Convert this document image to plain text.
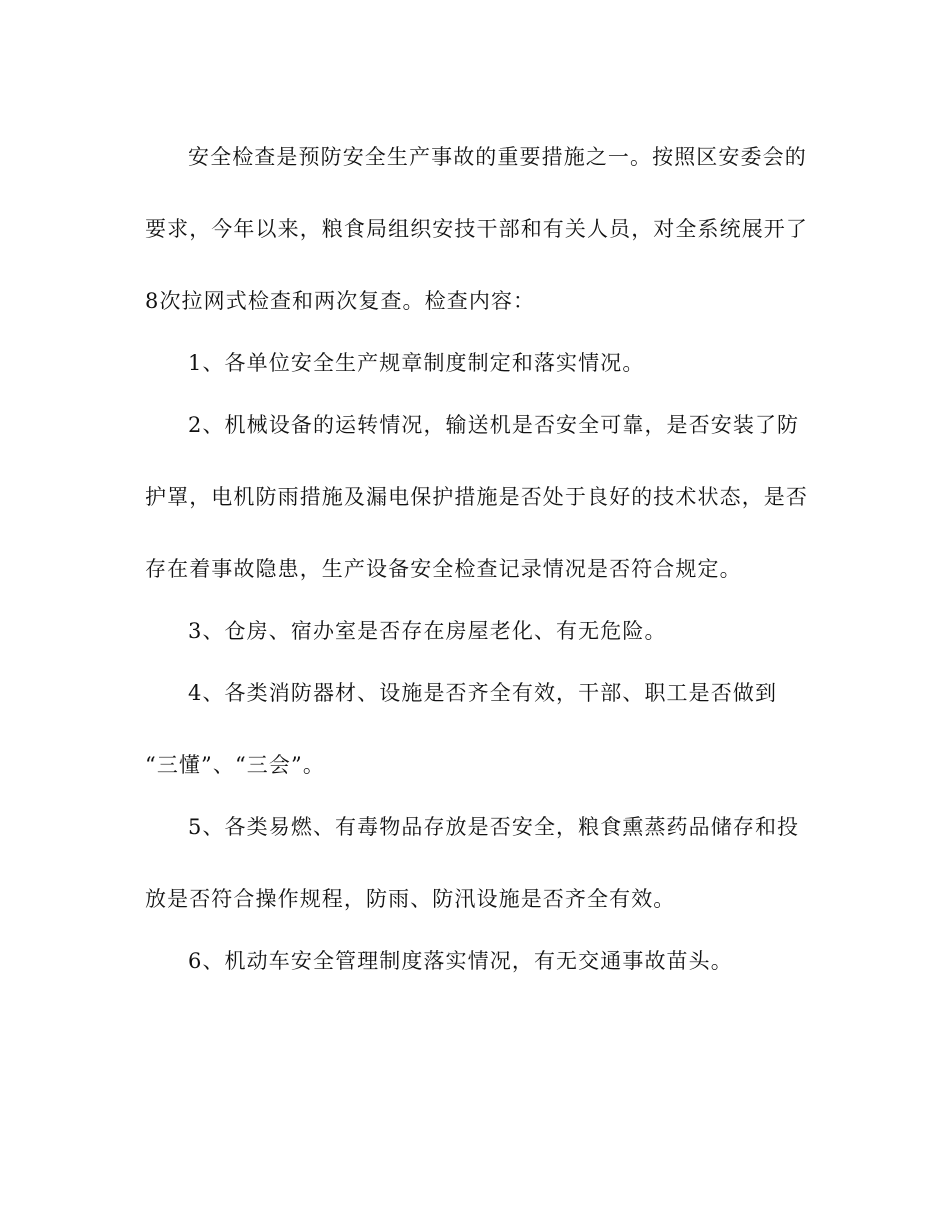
安全检查是预防安全生产事故的重要措施之一。按照区安委会的

要求，今年以来，粮食局组织安技干部和有关人员，对全系统展开了

8次拉网式检查和两次复查。检查内容：

1、各单位安全生产规章制度制定和落实情况。

2、机械设备的运转情况，输送机是否安全可靠，是否安装了防

护罩，电机防雨措施及漏电保护措施是否处于良好的技术状态，是否

存在着事故隐患，生产设备安全检查记录情况是否符合规定。

3、仓房、宿办室是否存在房屋老化、有无危险。

4、各类消防器材、设施是否齐全有效，干部、职工是否做到

“三懂”、“三会”。

5、各类易燃、有毒物品存放是否安全，粮食熏蒸药品储存和投

放是否符合操作规程，防雨、防汛设施是否齐全有效。

6、机动车安全管理制度落实情况，有无交通事故苗头。
